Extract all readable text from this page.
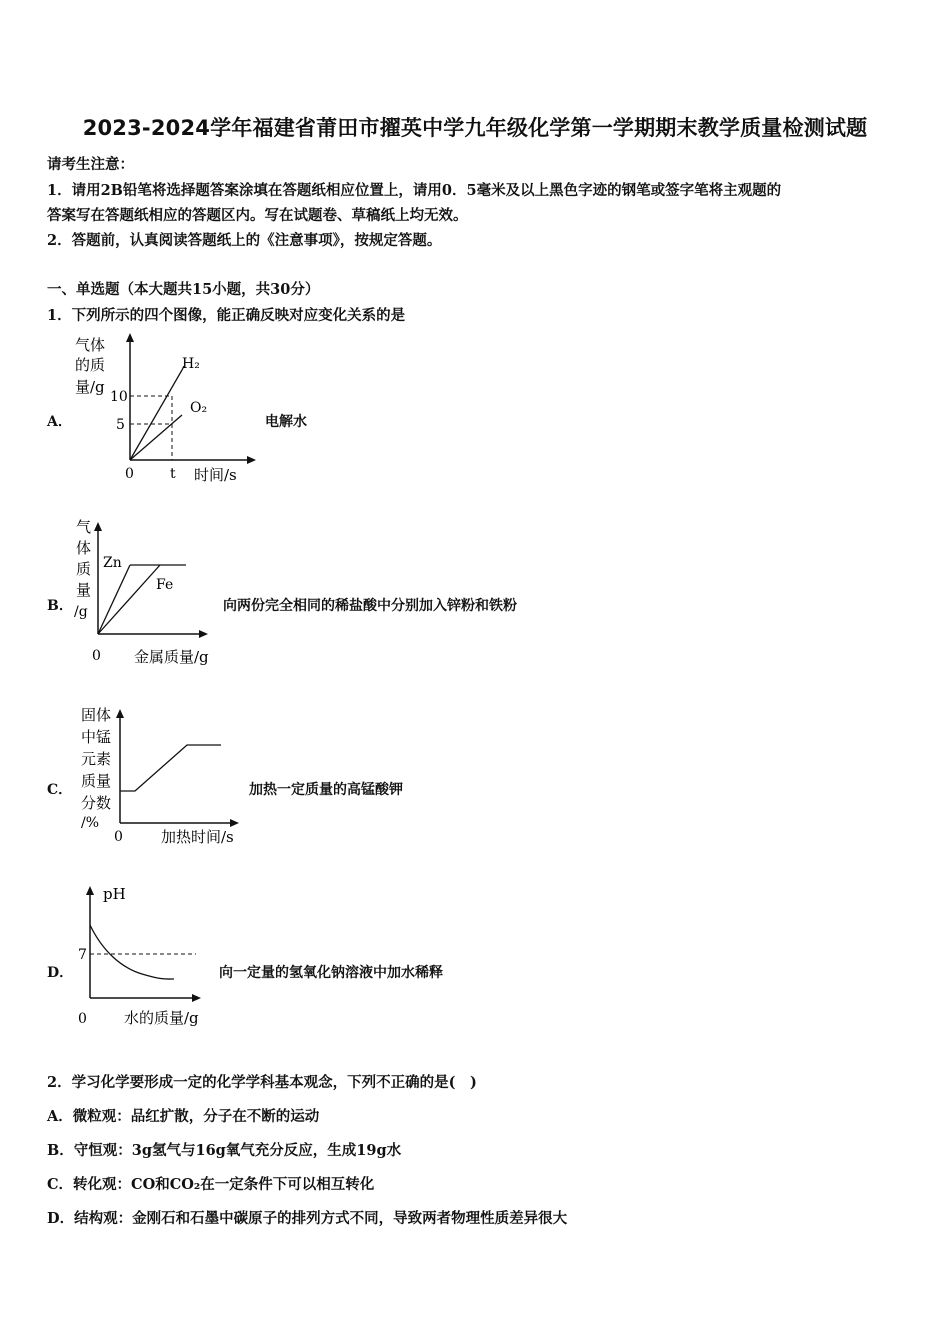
2023-2024学年福建省莆田市擢英中学九年级化学第一学期期末教学质量检测试题
请考生注意：
1．请用2B铅笔将选择题答案涂填在答题纸相应位置上，请用0．5毫米及以上黑色字迹的钢笔或签字笔将主观题的
答案写在答题纸相应的答题区内。写在试题卷、草稿纸上均无效。
2．答题前，认真阅读答题纸上的《注意事项》，按规定答题。
一、单选题（本大题共15小题，共30分）
1．下列所示的四个图像，能正确反映对应变化关系的是
A．
气体
的质
量/g
10
5
0	t 时间/s
H₂
O₂
电解水
B．
气
体
质
量
/g
Zn
Fe
0 金属质量/g
向两份完全相同的稀盐酸中分别加入锌粉和铁粉
C．
固体
中锰
元素
质量
分数
/%
0	加热时间/s
加热一定质量的高锰酸钾
D．
pH
7
0 水的质量/g
向一定量的氢氧化钠溶液中加水稀释
2．学习化学要形成一定的化学学科基本观念，下列不正确的是(　)
A．微粒观：品红扩散，分子在不断的运动
B．守恒观：3g氢气与16g氧气充分反应，生成19g水
C．转化观：CO和CO₂在一定条件下可以相互转化
D．结构观：金刚石和石墨中碳原子的排列方式不同，导致两者物理性质差异很大
